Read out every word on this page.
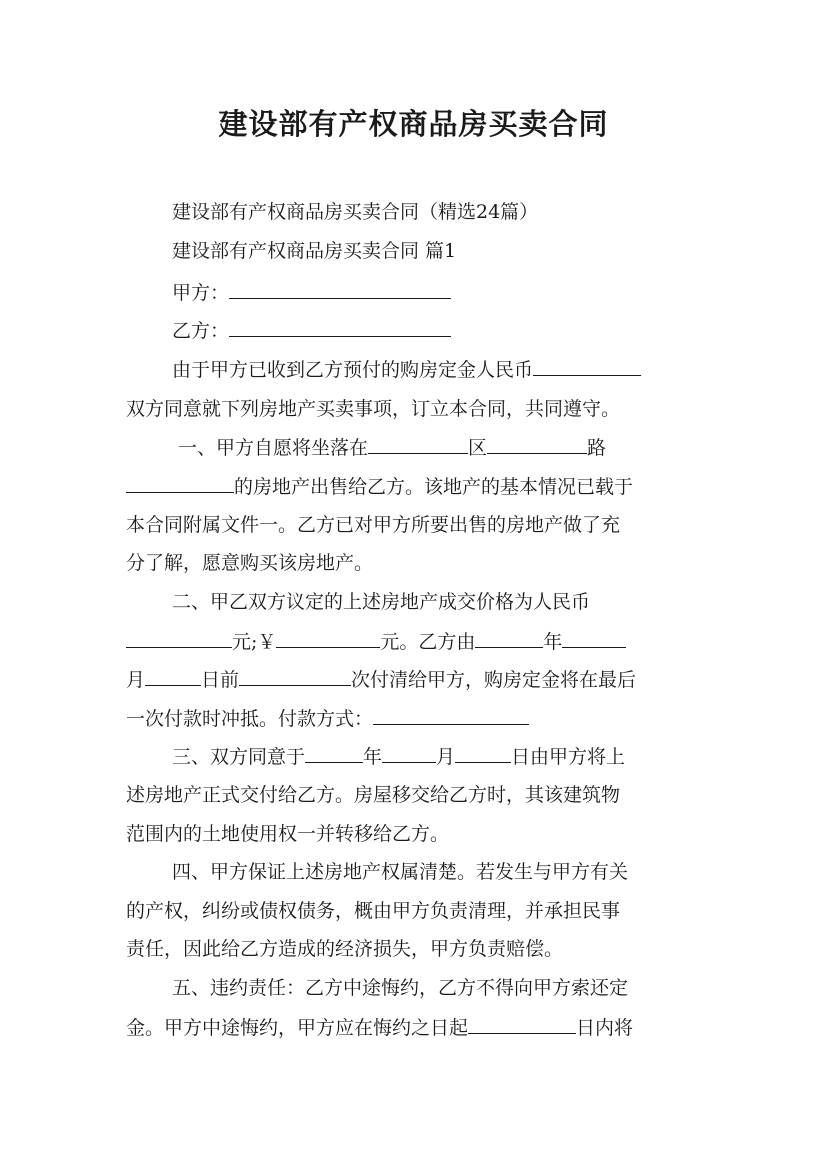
建设部有产权商品房买卖合同

建设部有产权商品房买卖合同（精选24篇）

建设部有产权商品房买卖合同 篇1

甲方：

乙方：

由于甲方已收到乙方预付的购房定金人民币

双方同意就下列房地产买卖事项，订立本合同，共同遵守。

一、甲方自愿将坐落在	区	路

的房地产出售给乙方。该地产的基本情况已载于

本合同附属文件一。乙方已对甲方所要出售的房地产做了充

分了解，愿意购买该房地产。

二、甲乙双方议定的上述房地产成交价格为人民币

元;￥	元。乙方由	年

月	日前	次付清给甲方，购房定金将在最后

一次付款时冲抵。付款方式：

三、双方同意于	年	月	日由甲方将上

述房地产正式交付给乙方。房屋移交给乙方时，其该建筑物

范围内的土地使用权一并转移给乙方。

四、甲方保证上述房地产权属清楚。若发生与甲方有关

的产权，纠纷或债权债务，概由甲方负责清理，并承担民事

责任，因此给乙方造成的经济损失，甲方负责赔偿。

五、违约责任：乙方中途悔约，乙方不得向甲方索还定

金。甲方中途悔约，甲方应在悔约之日起	日内将
